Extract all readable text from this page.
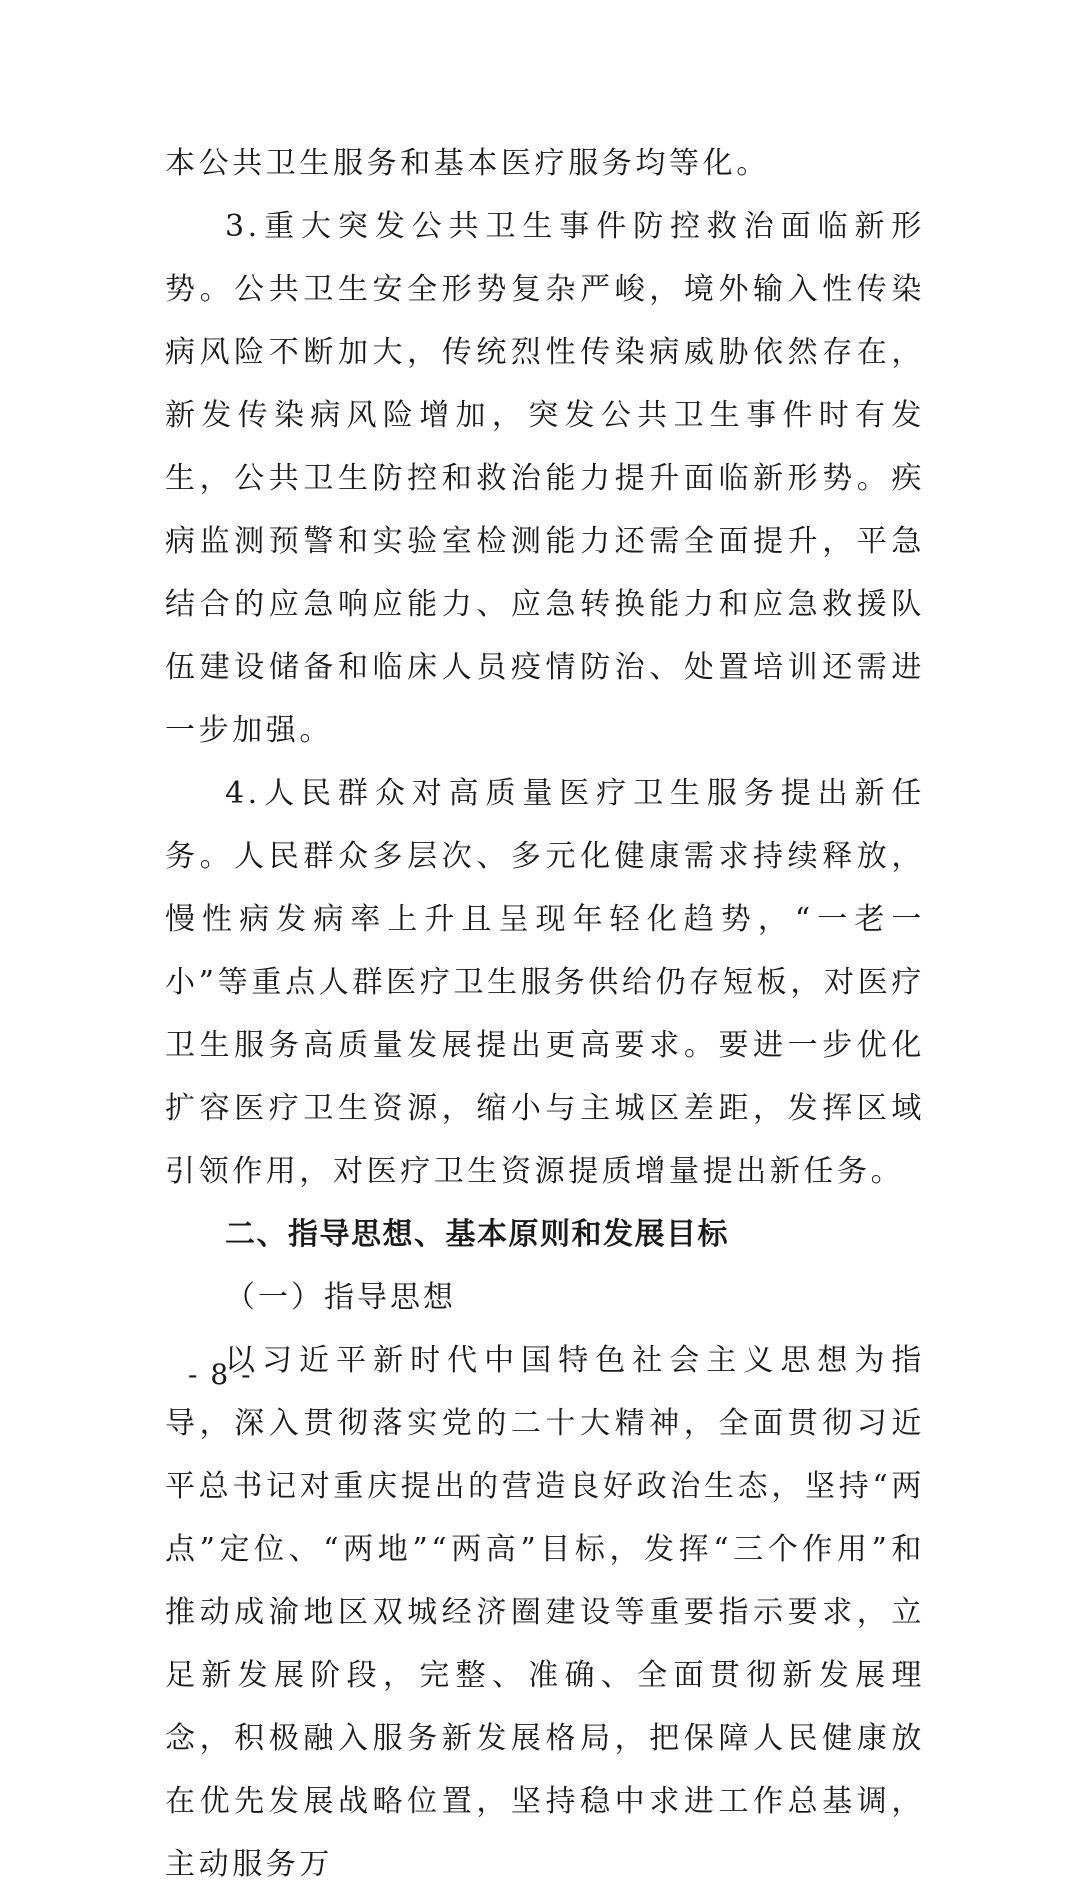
本公共卫生服务和基本医疗服务均等化。

3.重大突发公共卫生事件防控救治面临新形势。公共卫生安全形势复杂严峻，境外输入性传染病风险不断加大，传统烈性传染病威胁依然存在，新发传染病风险增加，突发公共卫生事件时有发生，公共卫生防控和救治能力提升面临新形势。疾病监测预警和实验室检测能力还需全面提升，平急结合的应急响应能力、应急转换能力和应急救援队伍建设储备和临床人员疫情防治、处置培训还需进一步加强。

4.人民群众对高质量医疗卫生服务提出新任务。人民群众多层次、多元化健康需求持续释放，慢性病发病率上升且呈现年轻化趋势，“一老一小”等重点人群医疗卫生服务供给仍存短板，对医疗卫生服务高质量发展提出更高要求。要进一步优化扩容医疗卫生资源，缩小与主城区差距，发挥区域引领作用，对医疗卫生资源提质增量提出新任务。

二、指导思想、基本原则和发展目标

（一）指导思想

以习近平新时代中国特色社会主义思想为指导，深入贯彻落实党的二十大精神，全面贯彻习近平总书记对重庆提出的营造良好政治生态，坚持“两点”定位、“两地”“两高”目标，发挥“三个作用”和推动成渝地区双城经济圈建设等重要指示要求，立足新发展阶段，完整、准确、全面贯彻新发展理念，积极融入服务新发展格局，把保障人民健康放在优先发展战略位置，坚持稳中求进工作总基调，主动服务万

- 8 -
